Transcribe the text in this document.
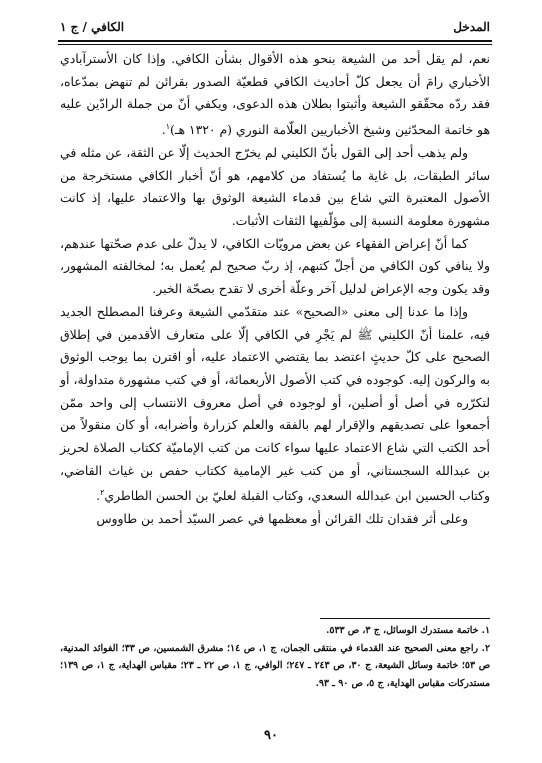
المدخل
الكافي / ج ١

نعم، لم يقل أحد من الشيعة بنحو هذه الأقوال بشأن الكافي. وإذا كان الأسترآبادي الأخباري رامَ أن يجعل كلّ أحاديث الكافي قطعيّة الصدور بقرائن لم تنهض بمدّعاه، فقد ردّه محقّقو الشيعة وأثبتوا بطلان هذه الدعوى، ويكفي أنّ من جملة الرادّين عليه هو خاتمة المحدّثين وشيخ الأخباريين العلّامة النوري (م ١٣٢٠ هـ)$^١$.

ولم يذهب أحد إلى القول بأنّ الكليني لم يخرّج الحديث إلّا عن الثقة، عن مثله في سائر الطبقات، بل غاية ما يُستفاد من كلامهم، هو أنّ أخبار الكافي مستخرجة من الأصول المعتبرة التي شاع بين قدماء الشيعة الوثوق بها والاعتماد عليها، إذ كانت مشهورة معلومة النسبة إلى مؤلّفيها الثقات الأثبات.

كما أنّ إعراض الفقهاء عن بعض مرويّات الكافي، لا يدلّ على عدم صحّتها عندهم، ولا ينافي كون الكافي من أجلّ كتبهم، إذ ربّ صحيح لم يُعمل به؛ لمخالفته المشهور، وقد يكون وجه الإعراض لدليل آخر وعلّة أخرى لا تقدح بصحّة الخبر.

وإذا ما عدنا إلى معنى «الصحيح» عند متقدّمي الشيعة وعرفنا المصطلح الجديد فيه، علمنا أنّ الكليني ﷺ لم يَجْرِ في الكافي إلّا على متعارف الأقدمين في إطلاق الصحيح على كلّ حديثٍ اعتضد بما يقتضي الاعتماد عليه، أو اقترن بما يوجب الوثوق به والركون إليه. كوجوده في كتب الأصول الأربعمائة، أو في كتب مشهورة متداولة، أو لتكرّره في أصل أو أصلين، أو لوجوده في أصل معروف الانتساب إلى واحد ممّن أجمعوا على تصديقهم والإقرار لهم بالفقه والعلم كزرارة وأضرابه، أو كان منقولاً من أحد الكتب التي شاع الاعتماد عليها سواء كانت من كتب الإماميّة ككتاب الصلاة لحريز بن عبدالله السجستاني، أو من كتب غير الإمامية ككتاب حفص بن غياث القاضي، وكتاب الحسين ابن عبدالله السعدي، وكتاب القبلة لعليّ بن الحسن الطاطري$^٢$.

وعلى أثر فقدان تلك القرائن أو معظمها في عصر السيّد أحمد بن طاووس

١. خاتمة مستدرك الوسائل، ج ٣، ص ٥٣٣.

٢. راجع معنى الصحيح عند القدماء في منتقى الجمان، ج ١، ص ١٤؛ مشرق الشمسين، ص ٣٣؛ الفوائد المدنية، ص ٥٣؛ خاتمة وسائل الشيعة، ج ٣٠، ص ٢٤٣ ـ ٢٤٧؛ الوافي، ج ١، ص ٢٢ ـ ٢٣؛ مقباس الهداية، ج ١، ص ١٣٩؛ مستدركات مقباس الهداية، ج ٥، ص ٩٠ ـ ٩٣.

٩٠
